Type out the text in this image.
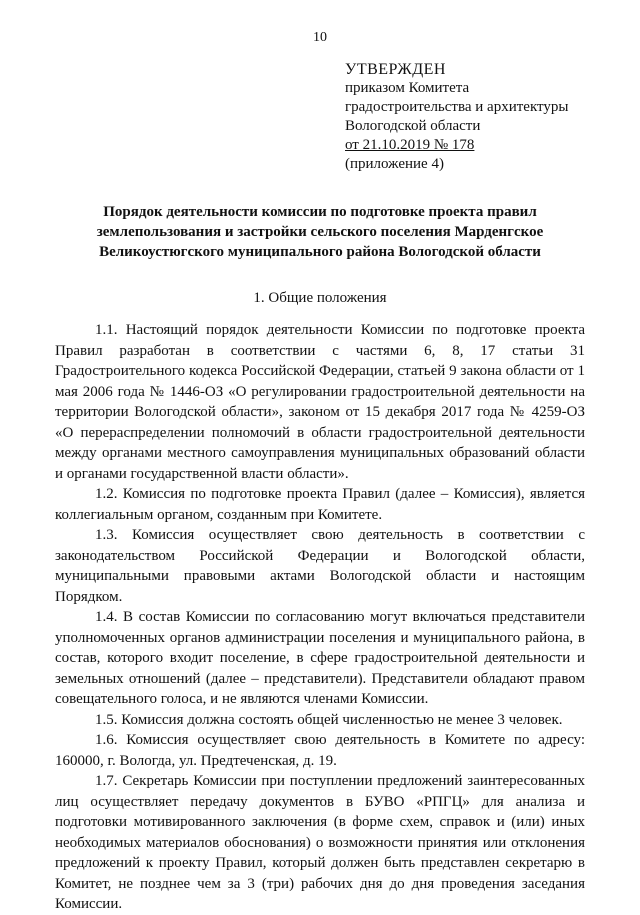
10
УТВЕРЖДЕН
приказом Комитета
градостроительства и архитектуры
Вологодской области
от 21.10.2019 № 178
(приложение 4)
Порядок деятельности комиссии по подготовке проекта правил землепользования и застройки сельского поселения Марденгское Великоустюгского муниципального района Вологодской области
1. Общие положения

1.1. Настоящий порядок деятельности Комиссии по подготовке проекта Правил разработан в соответствии с частями 6, 8, 17 статьи 31 Градостроительного кодекса Российской Федерации, статьей 9 закона области от 1 мая 2006 года № 1446-ОЗ «О регулировании градостроительной деятельности на территории Вологодской области», законом от 15 декабря 2017 года № 4259-ОЗ «О перераспределении полномочий в области градостроительной деятельности между органами местного самоуправления муниципальных образований области и органами государственной власти области».

1.2. Комиссия по подготовке проекта Правил (далее – Комиссия), является коллегиальным органом, созданным при Комитете.

1.3. Комиссия осуществляет свою деятельность в соответствии с законодательством Российской Федерации и Вологодской области, муниципальными правовыми актами Вологодской области и настоящим Порядком.

1.4. В состав Комиссии по согласованию могут включаться представители уполномоченных органов администрации поселения и муниципального района, в состав, которого входит поселение, в сфере градостроительной деятельности и земельных отношений (далее – представители). Представители обладают правом совещательного голоса, и не являются членами Комиссии.

1.5. Комиссия должна состоять общей численностью не менее 3 человек.

1.6. Комиссия осуществляет свою деятельность в Комитете по адресу: 160000, г. Вологда, ул. Предтеченская, д. 19.

1.7. Секретарь Комиссии при поступлении предложений заинтересованных лиц осуществляет передачу документов в БУВО «РПГЦ» для анализа и подготовки мотивированного заключения (в форме схем, справок и (или) иных необходимых материалов обоснования) о возможности принятия или отклонения предложений к проекту Правил, который должен быть представлен секретарю в Комитет, не позднее чем за 3 (три) рабочих дня до дня проведения заседания Комиссии.
